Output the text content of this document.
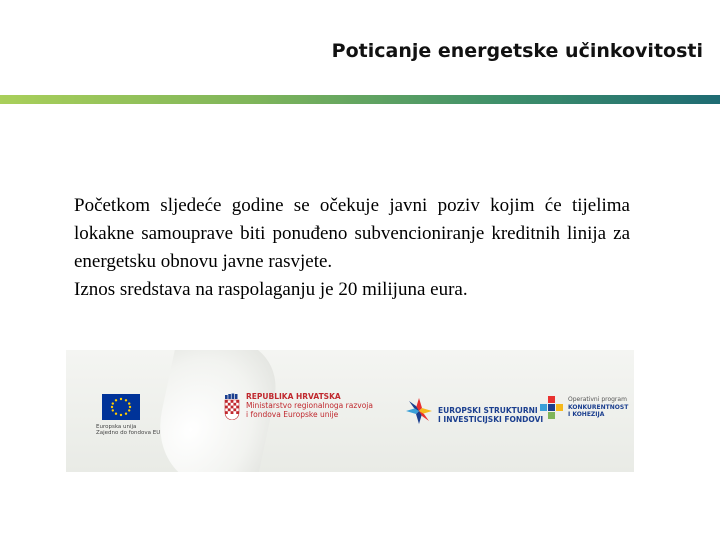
Poticanje energetske učinkovitosti

Početkom sljedeće godine se očekuje javni poziv kojim će tijelima lokakne samouprave biti ponuđeno subvencioniranje kreditnih linija za energetsku obnovu javne rasvjete.

Iznos sredstava na raspolaganju je 20 milijuna eura.

Europska unija
Zajedno do fondova EU
REPUBLIKA HRVATSKA
Ministarstvo regionalnoga razvoja
i fondova Europske unije	EUROPSKI STRUKTURNI
I INVESTICIJSKI FONDOVI
Operativni program
KONKURENTNOST
I KOHEZIJA
